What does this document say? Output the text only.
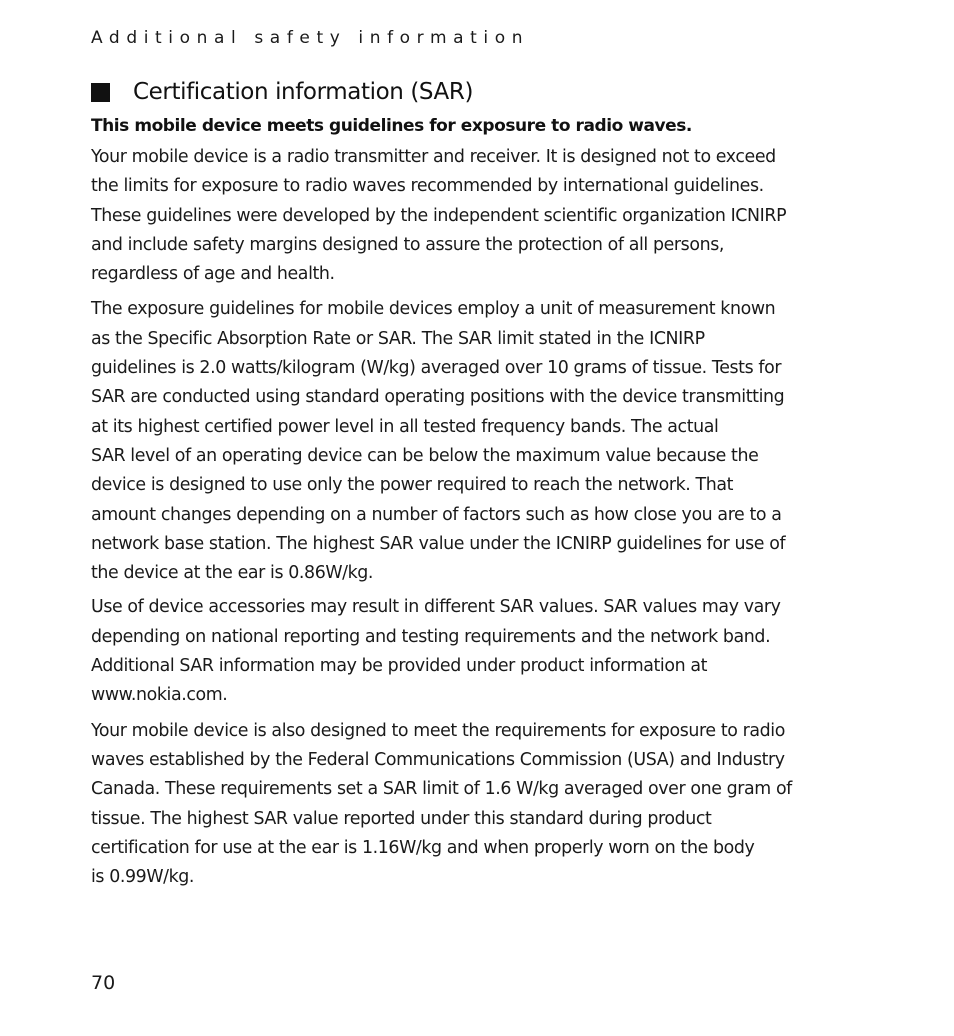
Additional safety information
Certification information (SAR)

This mobile device meets guidelines for exposure to radio waves.

Your mobile device is a radio transmitter and receiver. It is designed not to exceed
the limits for exposure to radio waves recommended by international guidelines.
These guidelines were developed by the independent scientific organization ICNIRP
and include safety margins designed to assure the protection of all persons,
regardless of age and health.

The exposure guidelines for mobile devices employ a unit of measurement known
as the Specific Absorption Rate or SAR. The SAR limit stated in the ICNIRP
guidelines is 2.0 watts/kilogram (W/kg) averaged over 10 grams of tissue. Tests for
SAR are conducted using standard operating positions with the device transmitting
at its highest certified power level in all tested frequency bands. The actual
SAR level of an operating device can be below the maximum value because the
device is designed to use only the power required to reach the network. That
amount changes depending on a number of factors such as how close you are to a
network base station. The highest SAR value under the ICNIRP guidelines for use of
the device at the ear is 0.86W/kg.

Use of device accessories may result in different SAR values. SAR values may vary
depending on national reporting and testing requirements and the network band.
Additional SAR information may be provided under product information at
www.nokia.com.

Your mobile device is also designed to meet the requirements for exposure to radio
waves established by the Federal Communications Commission (USA) and Industry
Canada. These requirements set a SAR limit of 1.6 W/kg averaged over one gram of
tissue. The highest SAR value reported under this standard during product
certification for use at the ear is 1.16W/kg and when properly worn on the body
is 0.99W/kg.

70
